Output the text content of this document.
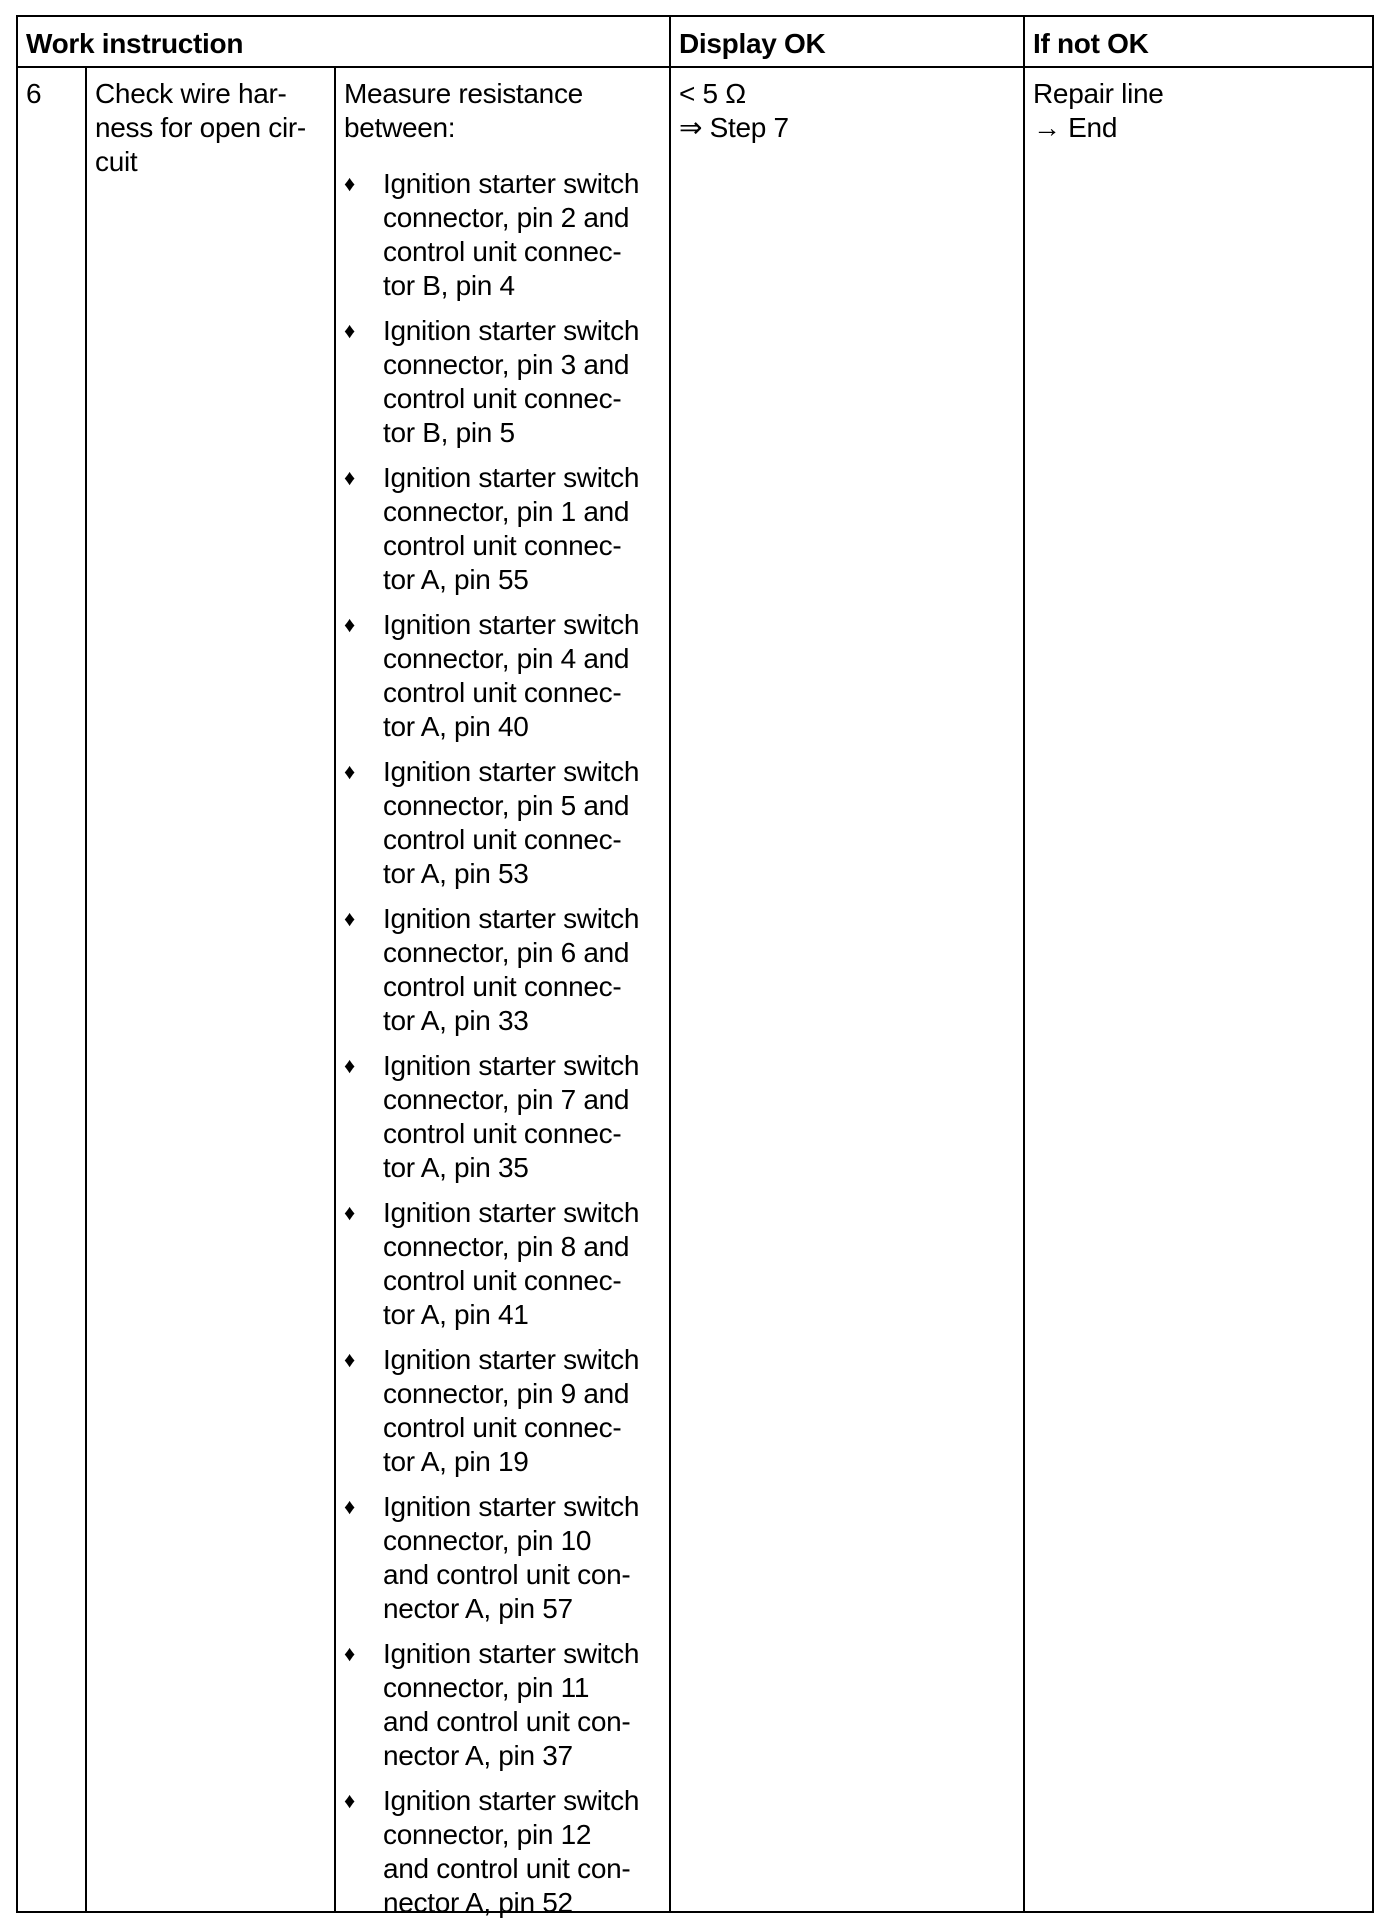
Work instruction	Display OK	If not OK
6 Check wire har-
ness for open cir-
cuit
Measure resistance
between:
♦ Ignition starter switch
connector, pin 2 and
control unit connec-
tor B, pin 4
♦ Ignition starter switch
connector, pin 3 and
control unit connec-
tor B, pin 5
♦ Ignition starter switch
connector, pin 1 and
control unit connec-
tor A, pin 55
♦ Ignition starter switch
connector, pin 4 and
control unit connec-
tor A, pin 40
♦ Ignition starter switch
connector, pin 5 and
control unit connec-
tor A, pin 53
♦ Ignition starter switch
connector, pin 6 and
control unit connec-
tor A, pin 33
♦ Ignition starter switch
connector, pin 7 and
control unit connec-
tor A, pin 35
♦ Ignition starter switch
connector, pin 8 and
control unit connec-
tor A, pin 41
♦ Ignition starter switch
connector, pin 9 and
control unit connec-
tor A, pin 19
♦ Ignition starter switch
connector, pin 10
and control unit con-
nector A, pin 57
♦ Ignition starter switch
connector, pin 11
and control unit con-
nector A, pin 37
♦ Ignition starter switch
connector, pin 12
and control unit con-
nector A, pin 52
< 5 Ω
⇒ Step 7
Repair line
→ End
